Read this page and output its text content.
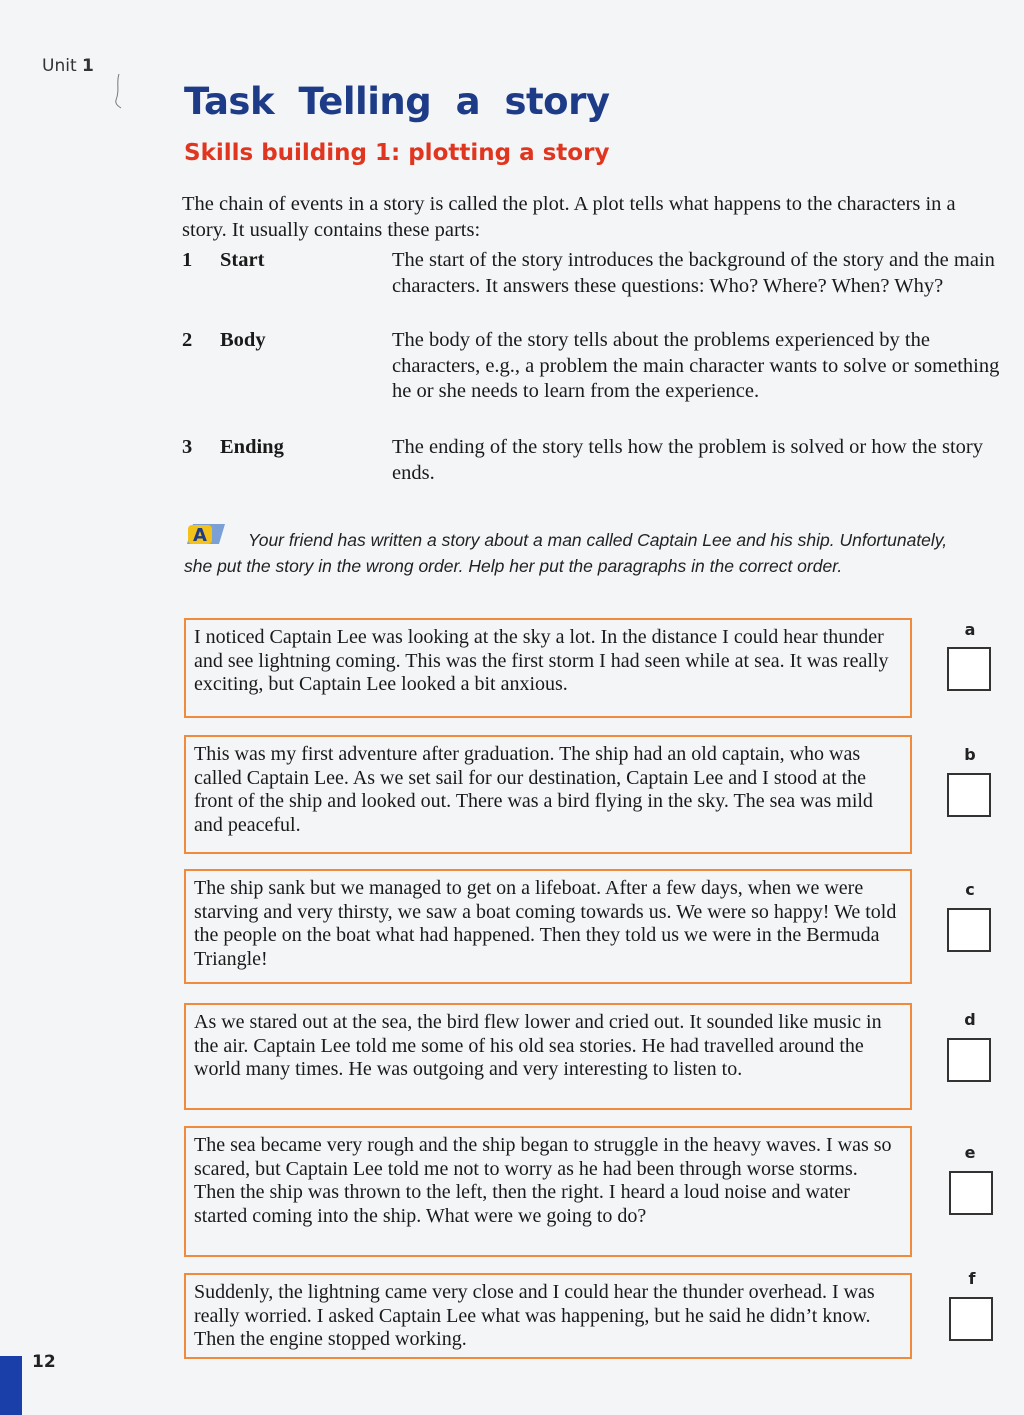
Unit 1
Task Telling a story
Skills building 1: plotting a story

The chain of events in a story is called the plot. A plot tells what happens to the characters in a story. It usually contains these parts:

1 Start	The start of the story introduces the background of the story and the main characters. It answers these questions: Who? Where? When? Why?
2 Body	The body of the story tells about the problems experienced by the characters, e.g., a problem the main character wants to solve or something he or she needs to learn from the experience.
3 Ending	The ending of the story tells how the problem is solved or how the story ends.
A	Your friend has written a story about a man called Captain Lee and his ship. Unfortunately, she put the story in the wrong order. Help her put the paragraphs in the correct order.

I noticed Captain Lee was looking at the sky a lot. In the distance I could hear thunder and see lightning coming. This was the first storm I had seen while at sea. It was really exciting, but Captain Lee looked a bit anxious.
a
This was my first adventure after graduation. The ship had an old captain, who was called Captain Lee. As we set sail for our destination, Captain Lee and I stood at the front of the ship and looked out. There was a bird flying in the sky. The sea was mild and peaceful.
b
The ship sank but we managed to get on a lifeboat. After a few days, when we were starving and very thirsty, we saw a boat coming towards us. We were so happy! We told the people on the boat what had happened. Then they told us we were in the Bermuda Triangle!
c
As we stared out at the sea, the bird flew lower and cried out. It sounded like music in the air. Captain Lee told me some of his old sea stories. He had travelled around the world many times. He was outgoing and very interesting to listen to.
d
The sea became very rough and the ship began to struggle in the heavy waves. I was so scared, but Captain Lee told me not to worry as he had been through worse storms. Then the ship was thrown to the left, then the right. I heard a loud noise and water started coming into the ship. What were we going to do?
e
Suddenly, the lightning came very close and I could hear the thunder overhead. I was really worried. I asked Captain Lee what was happening, but he said he didn’t know. Then the engine stopped working.
f
12
